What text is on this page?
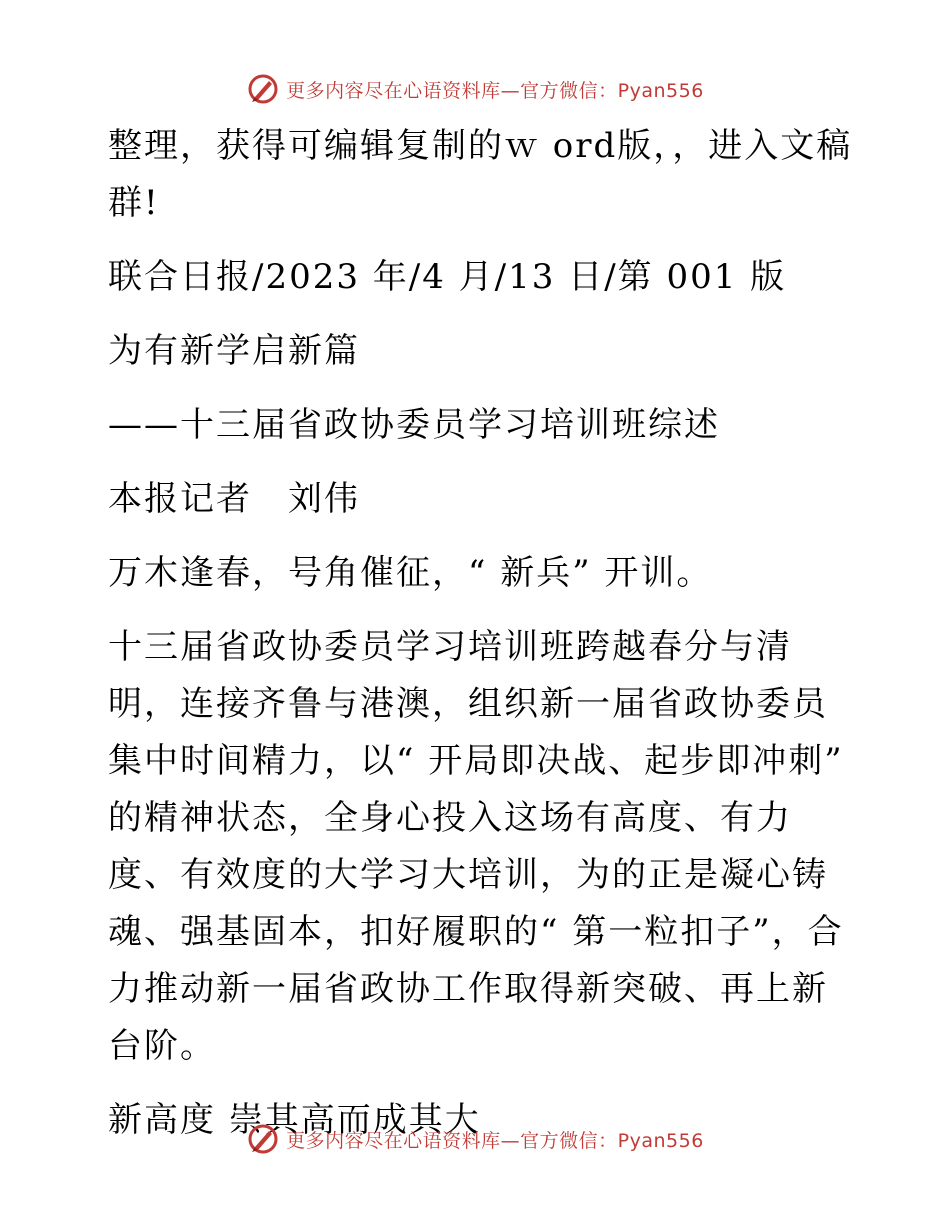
更多内容尽在心语资料库—官方微信：Pyan556

整理，获得可编辑复制的ｗ ord版，，进入文稿群!

联合日报/2023 年/4 月/13 日/第 001 版

为有新学启新篇

——十三届省政协委员学习培训班综述

本报记者　刘伟

万木逢春，号角催征，“ 新兵” 开训。

十三届省政协委员学习培训班跨越春分与清明，连接齐鲁与港澳，组织新一届省政协委员集中时间精力，以“ 开局即决战、起步即冲刺” 的精神状态，全身心投入这场有高度、有力度、有效度的大学习大培训，为的正是凝心铸魂、强基固本，扣好履职的“ 第一粒扣子”，合力推动新一届省政协工作取得新突破、再上新台阶。

新高度 崇其高而成其大

更多内容尽在心语资料库—官方微信：Pyan556
